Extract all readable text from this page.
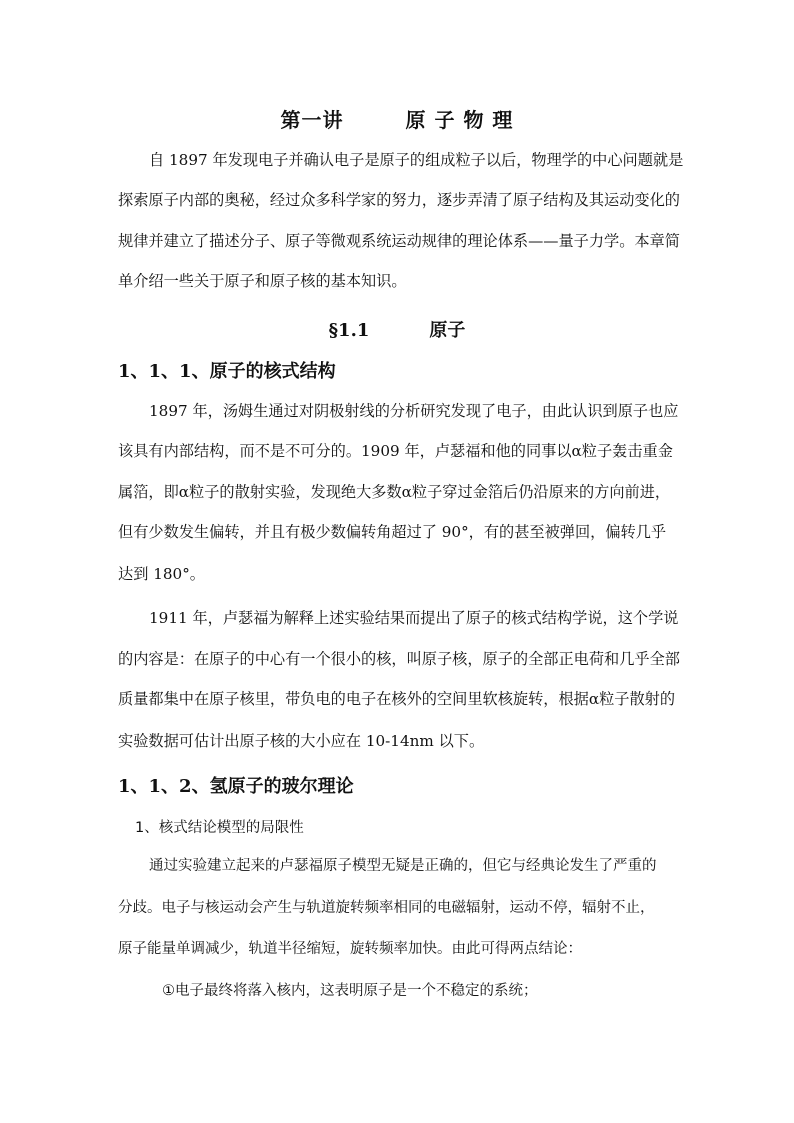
第一讲	原 子 物 理
自 1897 年发现电子并确认电子是原子的组成粒子以后，物理学的中心问题就是
探索原子内部的奥秘，经过众多科学家的努力，逐步弄清了原子结构及其运动变化的
规律并建立了描述分子、原子等微观系统运动规律的理论体系——量子力学。本章简
单介绍一些关于原子和原子核的基本知识。
§1.1	原子
1、1、1、原子的核式结构
1897 年，汤姆生通过对阴极射线的分析研究发现了电子，由此认识到原子也应
该具有内部结构，而不是不可分的。1909 年，卢瑟福和他的同事以α粒子轰击重金
属箔，即α粒子的散射实验，发现绝大多数α粒子穿过金箔后仍沿原来的方向前进，
但有少数发生偏转，并且有极少数偏转角超过了 90°，有的甚至被弹回，偏转几乎
达到 180°。
1911 年，卢瑟福为解释上述实验结果而提出了原子的核式结构学说，这个学说
的内容是：在原子的中心有一个很小的核，叫原子核，原子的全部正电荷和几乎全部
质量都集中在原子核里，带负电的电子在核外的空间里软核旋转，根据α粒子散射的
实验数据可估计出原子核的大小应在 10-14nm 以下。
1、1、2、氢原子的玻尔理论
1、核式结论模型的局限性
通过实验建立起来的卢瑟福原子模型无疑是正确的，但它与经典论发生了严重的
分歧。电子与核运动会产生与轨道旋转频率相同的电磁辐射，运动不停，辐射不止，
原子能量单调减少，轨道半径缩短，旋转频率加快。由此可得两点结论：
①电子最终将落入核内，这表明原子是一个不稳定的系统；
